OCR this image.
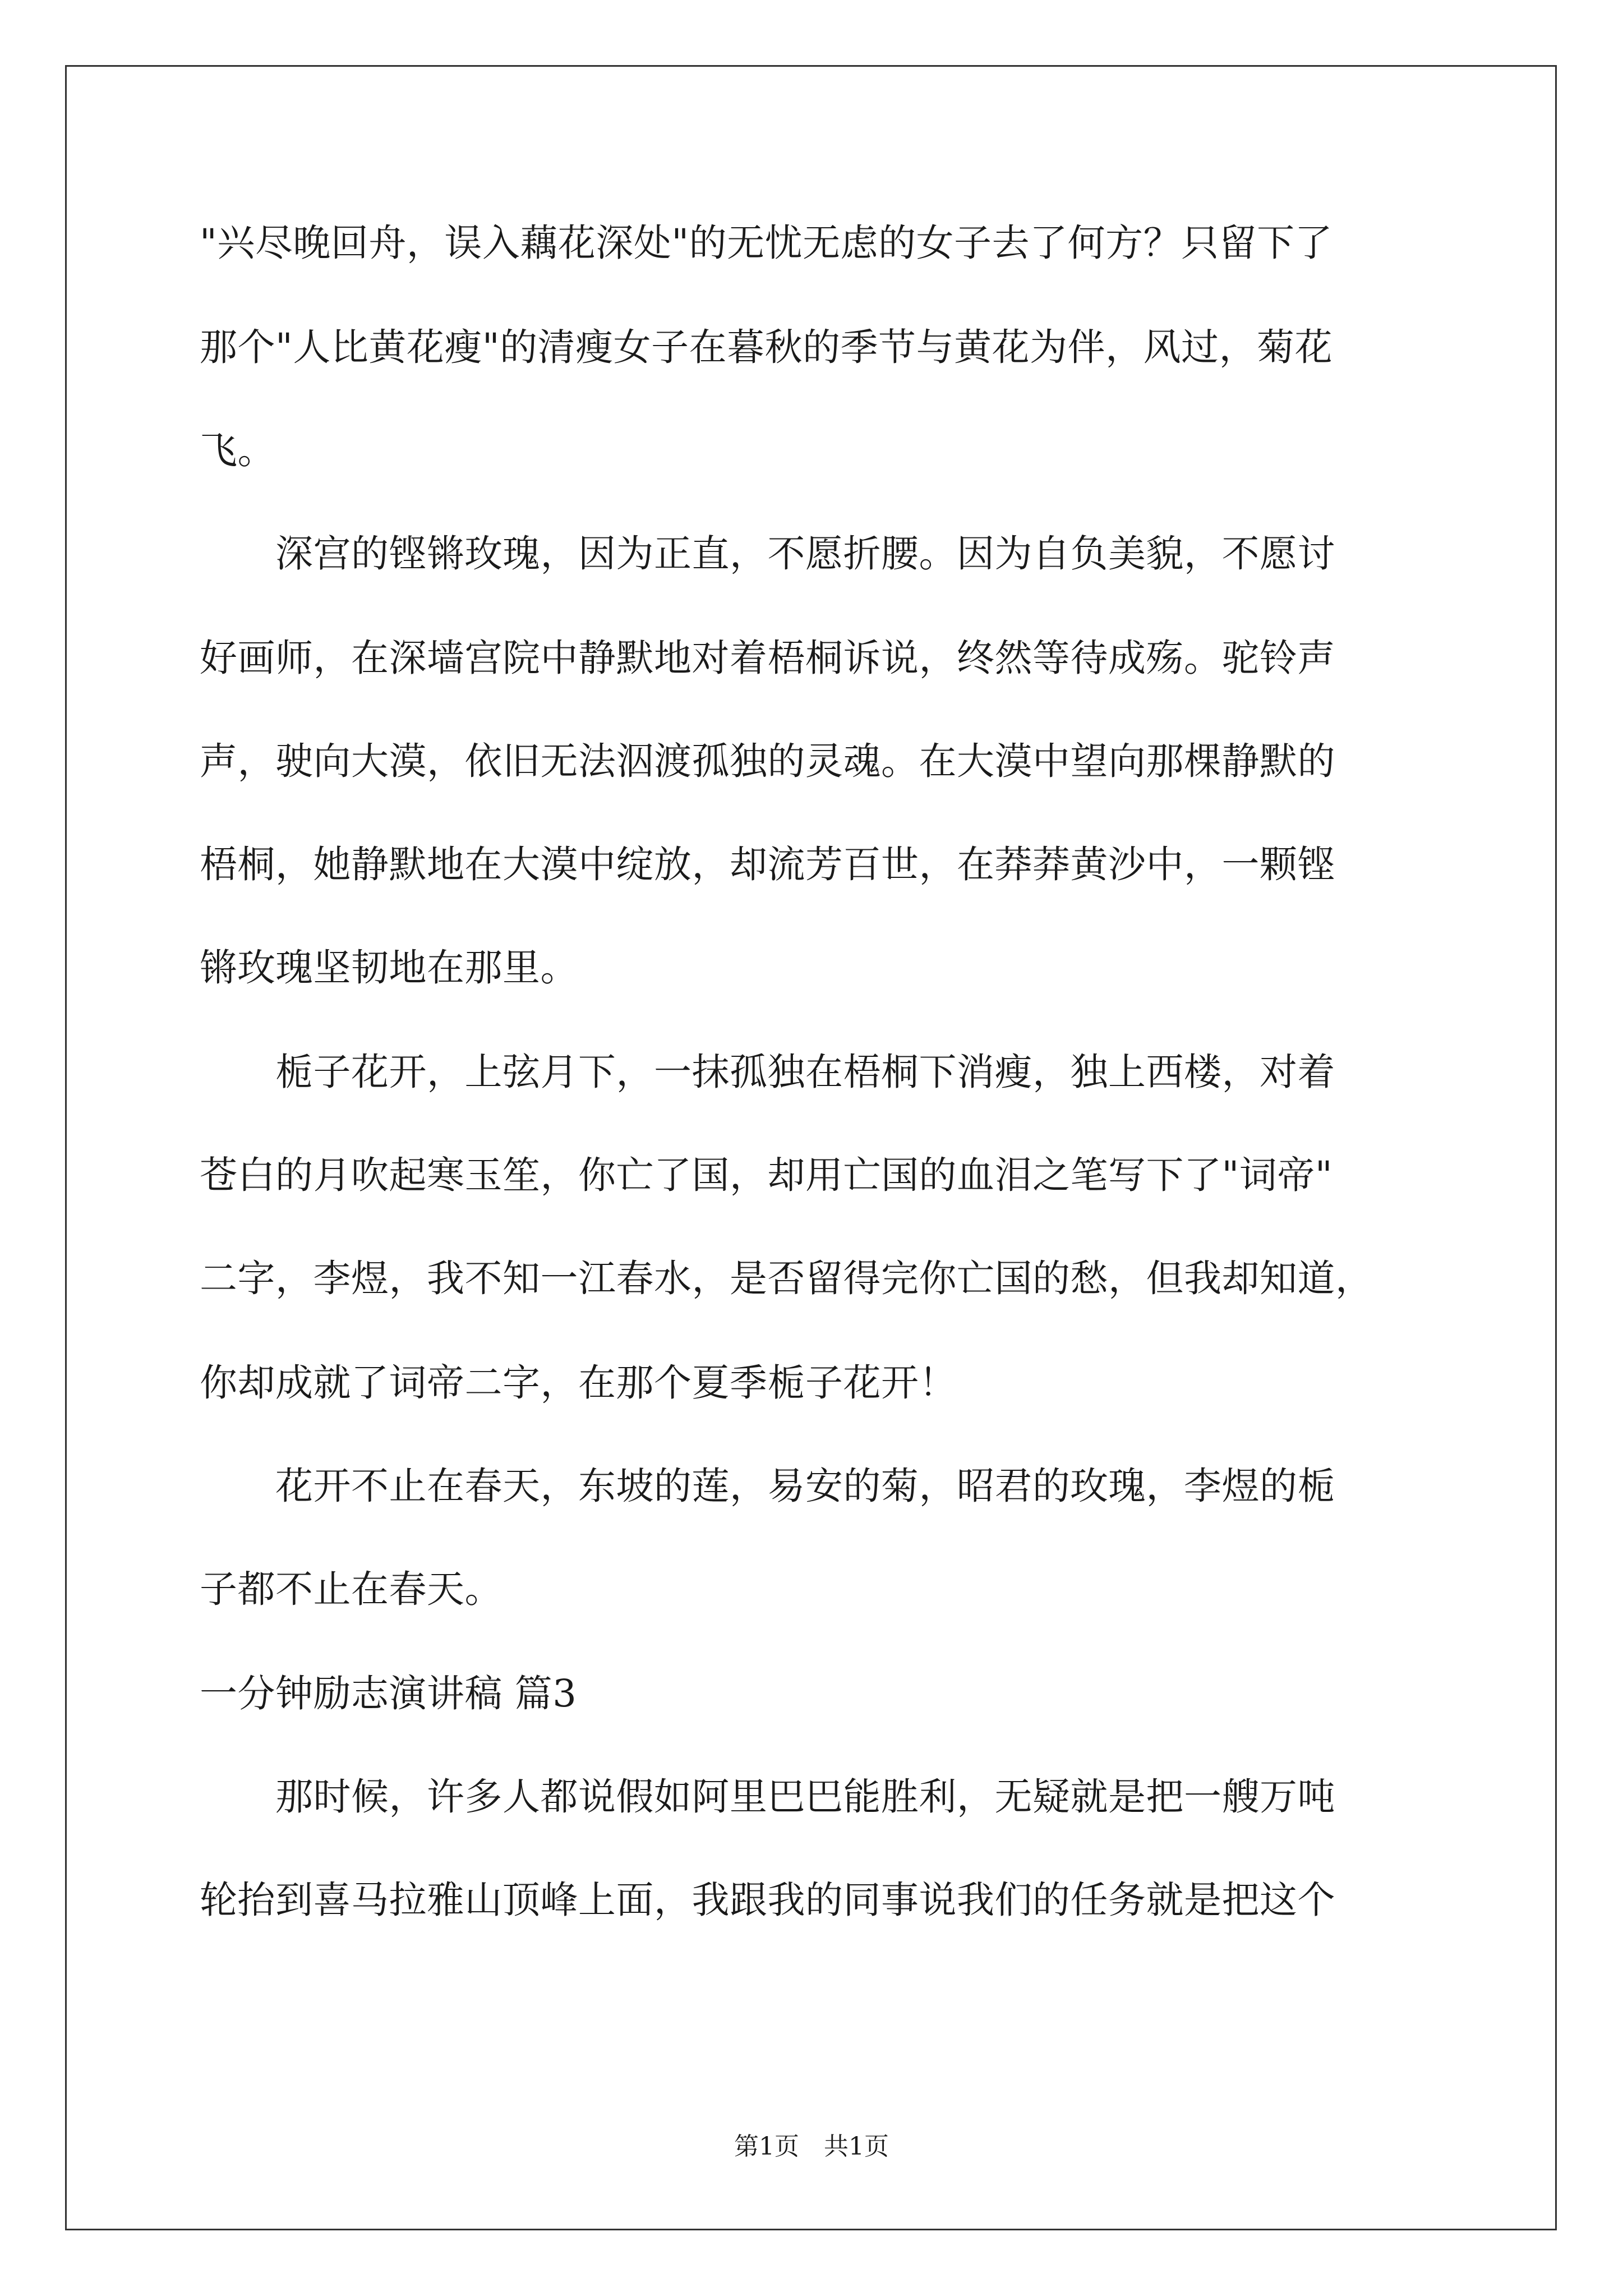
"兴尽晚回舟，误入藕花深处"的无忧无虑的女子去了何方？只留下了
那个"人比黄花瘦"的清瘦女子在暮秋的季节与黄花为伴，风过，菊花
飞。
　　深宫的铿锵玫瑰，因为正直，不愿折腰。因为自负美貌，不愿讨
好画师，在深墙宫院中静默地对着梧桐诉说，终然等待成殇。驼铃声
声，驶向大漠，依旧无法泅渡孤独的灵魂。在大漠中望向那棵静默的
梧桐，她静默地在大漠中绽放，却流芳百世，在莽莽黄沙中，一颗铿
锵玫瑰坚韧地在那里。
　　栀子花开，上弦月下，一抹孤独在梧桐下消瘦，独上西楼，对着
苍白的月吹起寒玉笙，你亡了国，却用亡国的血泪之笔写下了"词帝"
二字，李煜，我不知一江春水，是否留得完你亡国的愁，但我却知道，
你却成就了词帝二字，在那个夏季栀子花开！
　　花开不止在春天，东坡的莲，易安的菊，昭君的玫瑰，李煜的栀
子都不止在春天。
一分钟励志演讲稿 篇3
　　那时候，许多人都说假如阿里巴巴能胜利，无疑就是把一艘万吨
轮抬到喜马拉雅山顶峰上面，我跟我的同事说我们的任务就是把这个
第1页　共1页
